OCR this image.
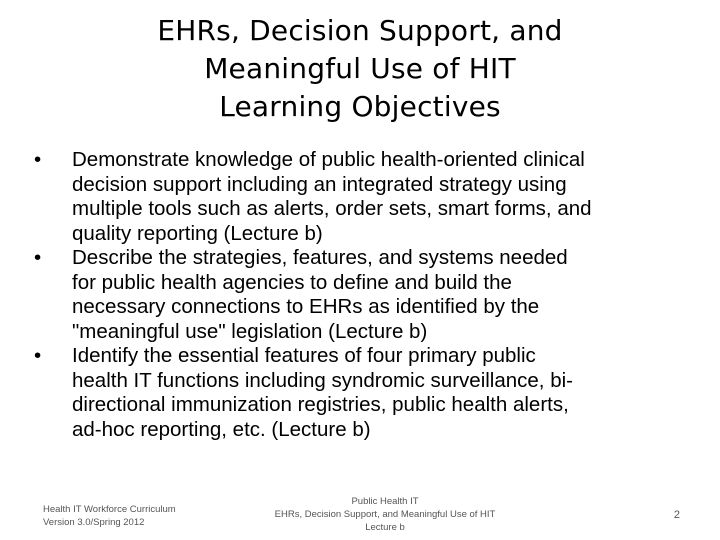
EHRs, Decision Support, and
Meaningful Use of HIT
Learning Objectives
• Demonstrate knowledge of public health-oriented clinical
decision support including an integrated strategy using
multiple tools such as alerts, order sets, smart forms, and
quality reporting (Lecture b)
• Describe the strategies, features, and systems needed
for public health agencies to define and build the
necessary connections to EHRs as identified by the
"meaningful use" legislation (Lecture b)
• Identify the essential features of four primary public
health IT functions including syndromic surveillance, bi-
directional immunization registries, public health alerts,
ad-hoc reporting, etc. (Lecture b)
Health IT Workforce Curriculum
Version 3.0/Spring 2012
Public Health IT
EHRs, Decision Support, and Meaningful Use of HIT
Lecture b
2
